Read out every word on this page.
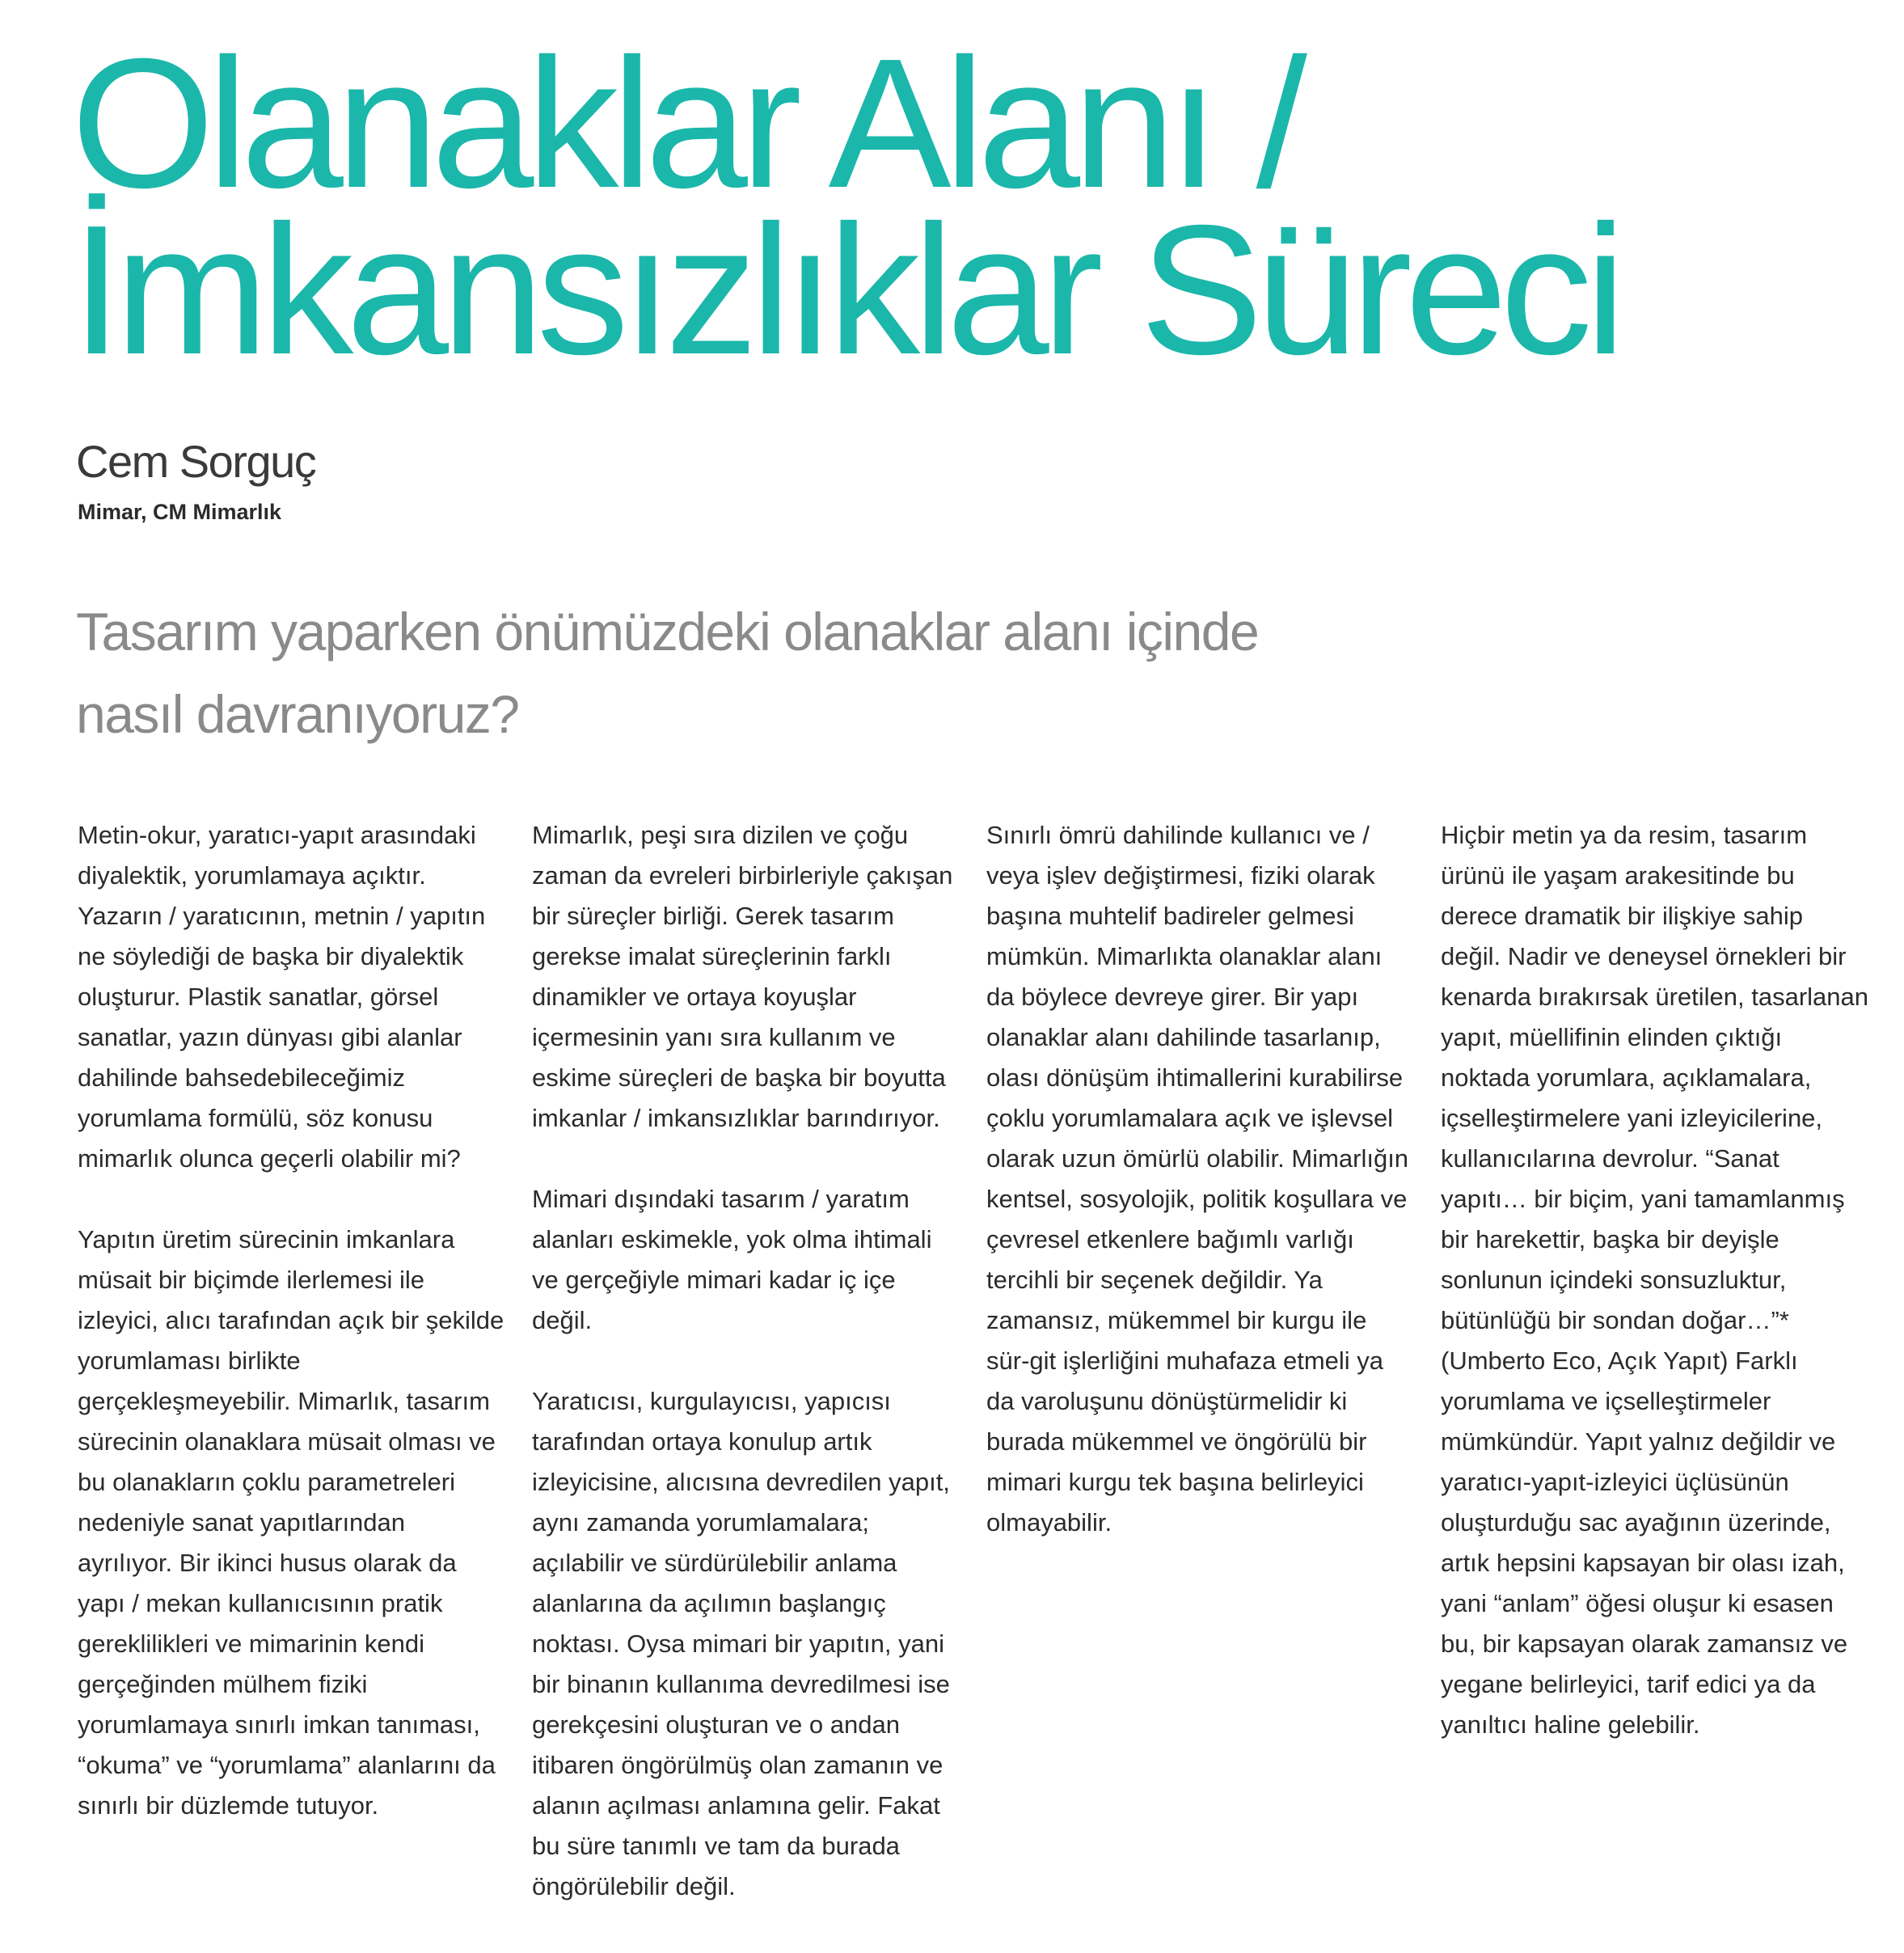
Olanaklar Alanı /
İmkansızlıklar Süreci

Cem Sorguç

Mimar, CM Mimarlık

Tasarım yaparken önümüzdeki olanaklar alanı içinde nasıl davranıyoruz?

Metin-okur, yaratıcı-yapıt arasındaki diyalektik, yorumlamaya açıktır. Yazarın / yaratıcının, metnin / yapıtın ne söylediği de başka bir diyalektik oluşturur. Plastik sanatlar, görsel sanatlar, yazın dünyası gibi alanlar dahilinde bahsedebileceğimiz yorumlama formülü, söz konusu mimarlık olunca geçerli olabilir mi?

Yapıtın üretim sürecinin imkanlara müsait bir biçimde ilerlemesi ile izleyici, alıcı tarafından açık bir şekilde yorumlaması birlikte gerçekleşmeyebilir. Mimarlık, tasarım sürecinin olanaklara müsait olması ve bu olanakların çoklu parametreleri nedeniyle sanat yapıtlarından ayrılıyor. Bir ikinci husus olarak da yapı / mekan kullanıcısının pratik gereklilikleri ve mimarinin kendi gerçeğinden mülhem fiziki yorumlamaya sınırlı imkan tanıması, “okuma” ve “yorumlama” alanlarını da sınırlı bir düzlemde tutuyor.

Mimarlık, peşi sıra dizilen ve çoğu zaman da evreleri birbirleriyle çakışan bir süreçler birliği. Gerek tasarım gerekse imalat süreçlerinin farklı dinamikler ve ortaya koyuşlar içermesinin yanı sıra kullanım ve eskime süreçleri de başka bir boyutta imkanlar / imkansızlıklar barındırıyor.

Mimari dışındaki tasarım / yaratım alanları eskimekle, yok olma ihtimali ve gerçeğiyle mimari kadar iç içe değil.

Yaratıcısı, kurgulayıcısı, yapıcısı tarafından ortaya konulup artık izleyicisine, alıcısına devredilen yapıt, aynı zamanda yorumlamalara; açılabilir ve sürdürülebilir anlama alanlarına da açılımın başlangıç noktası. Oysa mimari bir yapıtın, yani bir binanın kullanıma devredilmesi ise gerekçesini oluşturan ve o andan itibaren öngörülmüş olan zamanın ve alanın açılması anlamına gelir. Fakat bu süre tanımlı ve tam da burada öngörülebilir değil.

Sınırlı ömrü dahilinde kullanıcı ve / veya işlev değiştirmesi, fiziki olarak başına muhtelif badireler gelmesi mümkün. Mimarlıkta olanaklar alanı da böylece devreye girer. Bir yapı olanaklar alanı dahilinde tasarlanıp, olası dönüşüm ihtimallerini kurabilirse çoklu yorumlamalara açık ve işlevsel olarak uzun ömürlü olabilir. Mimarlığın kentsel, sosyolojik, politik koşullara ve çevresel etkenlere bağımlı varlığı tercihli bir seçenek değildir. Ya zamansız, mükemmel bir kurgu ile sür-git işlerliğini muhafaza etmeli ya da varoluşunu dönüştürmelidir ki burada mükemmel ve öngörülü bir mimari kurgu tek başına belirleyici olmayabilir.

Hiçbir metin ya da resim, tasarım ürünü ile yaşam arakesitinde bu derece dramatik bir ilişkiye sahip değil. Nadir ve deneysel örnekleri bir kenarda bırakırsak üretilen, tasarlanan yapıt, müellifinin elinden çıktığı noktada yorumlara, açıklamalara, içselleştirmelere yani izleyicilerine, kullanıcılarına devrolur. “Sanat yapıtı… bir biçim, yani tamamlanmış bir harekettir, başka bir deyişle sonlunun içindeki sonsuzluktur, bütünlüğü bir sondan doğar…”* (Umberto Eco, Açık Yapıt) Farklı yorumlama ve içselleştirmeler mümkündür. Yapıt yalnız değildir ve yaratıcı-yapıt-izleyici üçlüsünün oluşturduğu sac ayağının üzerinde, artık hepsini kapsayan bir olası izah, yani “anlam” öğesi oluşur ki esasen bu, bir kapsayan olarak zamansız ve yegane belirleyici, tarif edici ya da yanıltıcı haline gelebilir.
